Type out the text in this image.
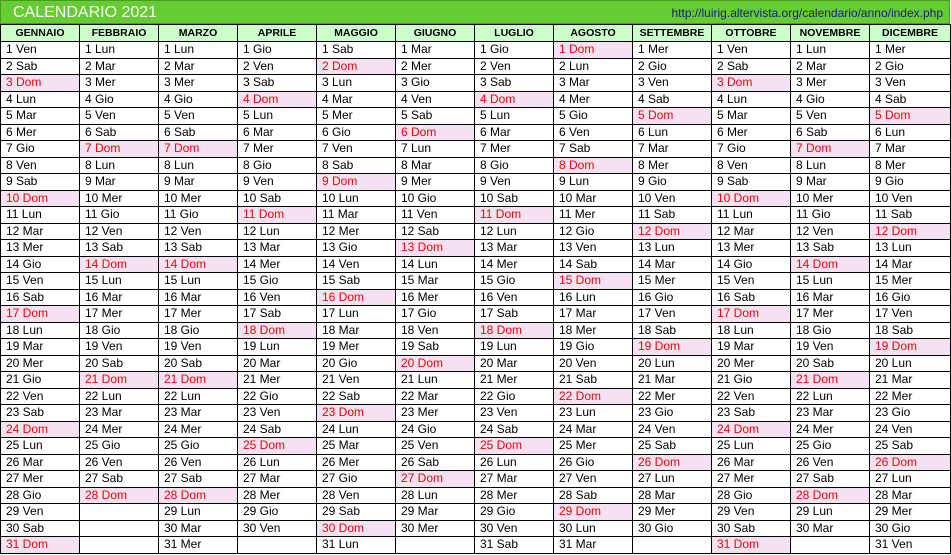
CALENDARIO 2021	http://luirig.altervista.org/calendario/anno/index.php
GENNAIO	FEBBRAIO	MARZO	APRILE	MAGGIO	GIUGNO	LUGLIO	AGOSTO	SETTEMBRE	OTTOBRE	NOVEMBRE	DICEMBRE
1 Ven	1 Lun	1 Lun	1 Gio	1 Sab	1 Mar	1 Gio	1 Dom	1 Mer	1 Ven	1 Lun	1 Mer
2 Sab	2 Mar	2 Mar	2 Ven	2 Dom	2 Mer	2 Ven	2 Lun	2 Gio	2 Sab	2 Mar	2 Gio
3 Dom	3 Mer	3 Mer	3 Sab	3 Lun	3 Gio	3 Sab	3 Mar	3 Ven	3 Dom	3 Mer	3 Ven
4 Lun	4 Gio	4 Gio	4 Dom	4 Mar	4 Ven	4 Dom	4 Mer	4 Sab	4 Lun	4 Gio	4 Sab
5 Mar	5 Ven	5 Ven	5 Lun	5 Mer	5 Sab	5 Lun	5 Gio	5 Dom	5 Mar	5 Ven	5 Dom
6 Mer	6 Sab	6 Sab	6 Mar	6 Gio	6 Dom	6 Mar	6 Ven	6 Lun	6 Mer	6 Sab	6 Lun
7 Gio	7 Dom	7 Dom	7 Mer	7 Ven	7 Lun	7 Mer	7 Sab	7 Mar	7 Gio	7 Dom	7 Mar
8 Ven	8 Lun	8 Lun	8 Gio	8 Sab	8 Mar	8 Gio	8 Dom	8 Mer	8 Ven	8 Lun	8 Mer
9 Sab	9 Mar	9 Mar	9 Ven	9 Dom	9 Mer	9 Ven	9 Lun	9 Gio	9 Sab	9 Mar	9 Gio
10 Dom	10 Mer	10 Mer	10 Sab	10 Lun	10 Gio	10 Sab	10 Mar	10 Ven	10 Dom	10 Mer	10 Ven
11 Lun	11 Gio	11 Gio	11 Dom	11 Mar	11 Ven	11 Dom	11 Mer	11 Sab	11 Lun	11 Gio	11 Sab
12 Mar	12 Ven	12 Ven	12 Lun	12 Mer	12 Sab	12 Lun	12 Gio	12 Dom	12 Mar	12 Ven	12 Dom
13 Mer	13 Sab	13 Sab	13 Mar	13 Gio	13 Dom	13 Mar	13 Ven	13 Lun	13 Mer	13 Sab	13 Lun
14 Gio	14 Dom	14 Dom	14 Mer	14 Ven	14 Lun	14 Mer	14 Sab	14 Mar	14 Gio	14 Dom	14 Mar
15 Ven	15 Lun	15 Lun	15 Gio	15 Sab	15 Mar	15 Gio	15 Dom	15 Mer	15 Ven	15 Lun	15 Mer
16 Sab	16 Mar	16 Mar	16 Ven	16 Dom	16 Mer	16 Ven	16 Lun	16 Gio	16 Sab	16 Mar	16 Gio
17 Dom	17 Mer	17 Mer	17 Sab	17 Lun	17 Gio	17 Sab	17 Mar	17 Ven	17 Dom	17 Mer	17 Ven
18 Lun	18 Gio	18 Gio	18 Dom	18 Mar	18 Ven	18 Dom	18 Mer	18 Sab	18 Lun	18 Gio	18 Sab
19 Mar	19 Ven	19 Ven	19 Lun	19 Mer	19 Sab	19 Lun	19 Gio	19 Dom	19 Mar	19 Ven	19 Dom
20 Mer	20 Sab	20 Sab	20 Mar	20 Gio	20 Dom	20 Mar	20 Ven	20 Lun	20 Mer	20 Sab	20 Lun
21 Gio	21 Dom	21 Dom	21 Mer	21 Ven	21 Lun	21 Mer	21 Sab	21 Mar	21 Gio	21 Dom	21 Mar
22 Ven	22 Lun	22 Lun	22 Gio	22 Sab	22 Mar	22 Gio	22 Dom	22 Mer	22 Ven	22 Lun	22 Mer
23 Sab	23 Mar	23 Mar	23 Ven	23 Dom	23 Mer	23 Ven	23 Lun	23 Gio	23 Sab	23 Mar	23 Gio
24 Dom	24 Mer	24 Mer	24 Sab	24 Lun	24 Gio	24 Sab	24 Mar	24 Ven	24 Dom	24 Mer	24 Ven
25 Lun	25 Gio	25 Gio	25 Dom	25 Mar	25 Ven	25 Dom	25 Mer	25 Sab	25 Lun	25 Gio	25 Sab
26 Mar	26 Ven	26 Ven	26 Lun	26 Mer	26 Sab	26 Lun	26 Gio	26 Dom	26 Mar	26 Ven	26 Dom
27 Mer	27 Sab	27 Sab	27 Mar	27 Gio	27 Dom	27 Mar	27 Ven	27 Lun	27 Mer	27 Sab	27 Lun
28 Gio	28 Dom	28 Dom	28 Mer	28 Ven	28 Lun	28 Mer	28 Sab	28 Mar	28 Gio	28 Dom	28 Mar
29 Ven		29 Lun	29 Gio	29 Sab	29 Mar	29 Gio	29 Dom	29 Mer	29 Ven	29 Lun	29 Mer
30 Sab		30 Mar	30 Ven	30 Dom	30 Mer	30 Ven	30 Lun	30 Gio	30 Sab	30 Mar	30 Gio
31 Dom		31 Mer		31 Lun		31 Sab	31 Mar		31 Dom		31 Ven
